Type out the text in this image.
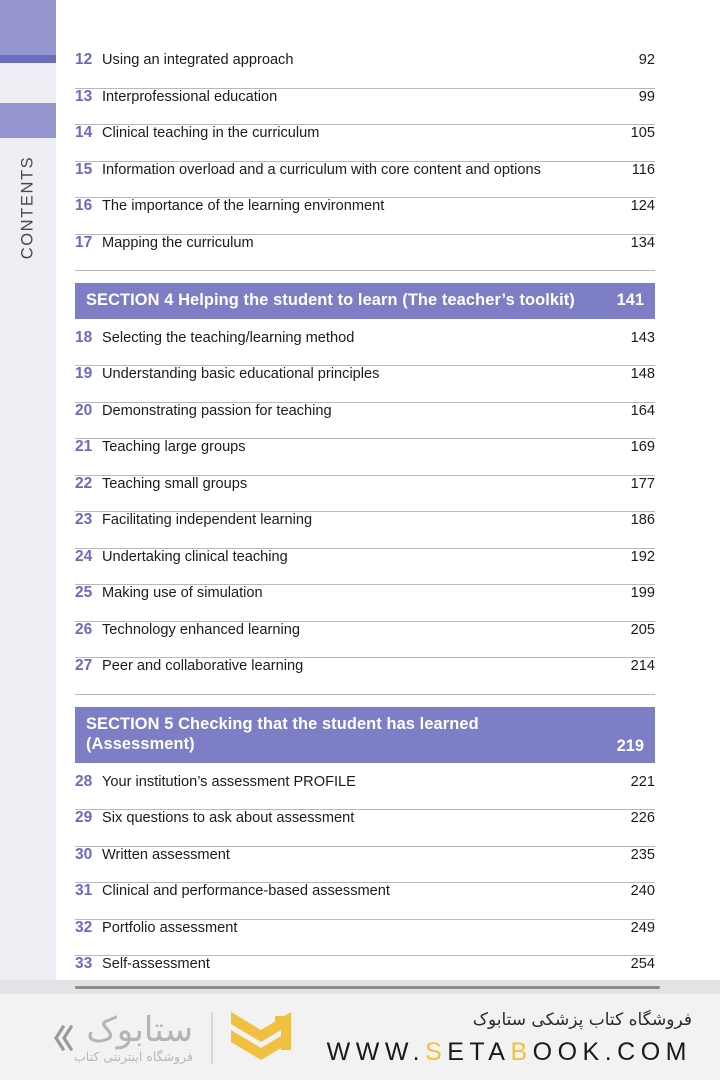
CONTENTS
12 Using an integrated approach	92
13 Interprofessional education	99
14 Clinical teaching in the curriculum	105
15 Information overload and a curriculum with core content and options	116
16 The importance of the learning environment	124
17 Mapping the curriculum	134
SECTION 4 Helping the student to learn (The teacher’s toolkit)	141
18 Selecting the teaching/learning method	143
19 Understanding basic educational principles	148
20 Demonstrating passion for teaching	164
21 Teaching large groups	169
22 Teaching small groups	177
23 Facilitating independent learning	186
24 Undertaking clinical teaching	192
25 Making use of simulation	199
26 Technology enhanced learning	205
27 Peer and collaborative learning	214
SECTION 5 Checking that the student has learned
(Assessment)	219
28 Your institution’s assessment PROFILE	221
29 Six questions to ask about assessment	226
30 Written assessment	235
31 Clinical and performance-based assessment	240
32 Portfolio assessment	249
33 Self-assessment	254
ستابوک
فروشگاه اینترنتی کتاب
فروشگاه کتاب پزشکی ستابوک
WWW.SETABOOK.COM
